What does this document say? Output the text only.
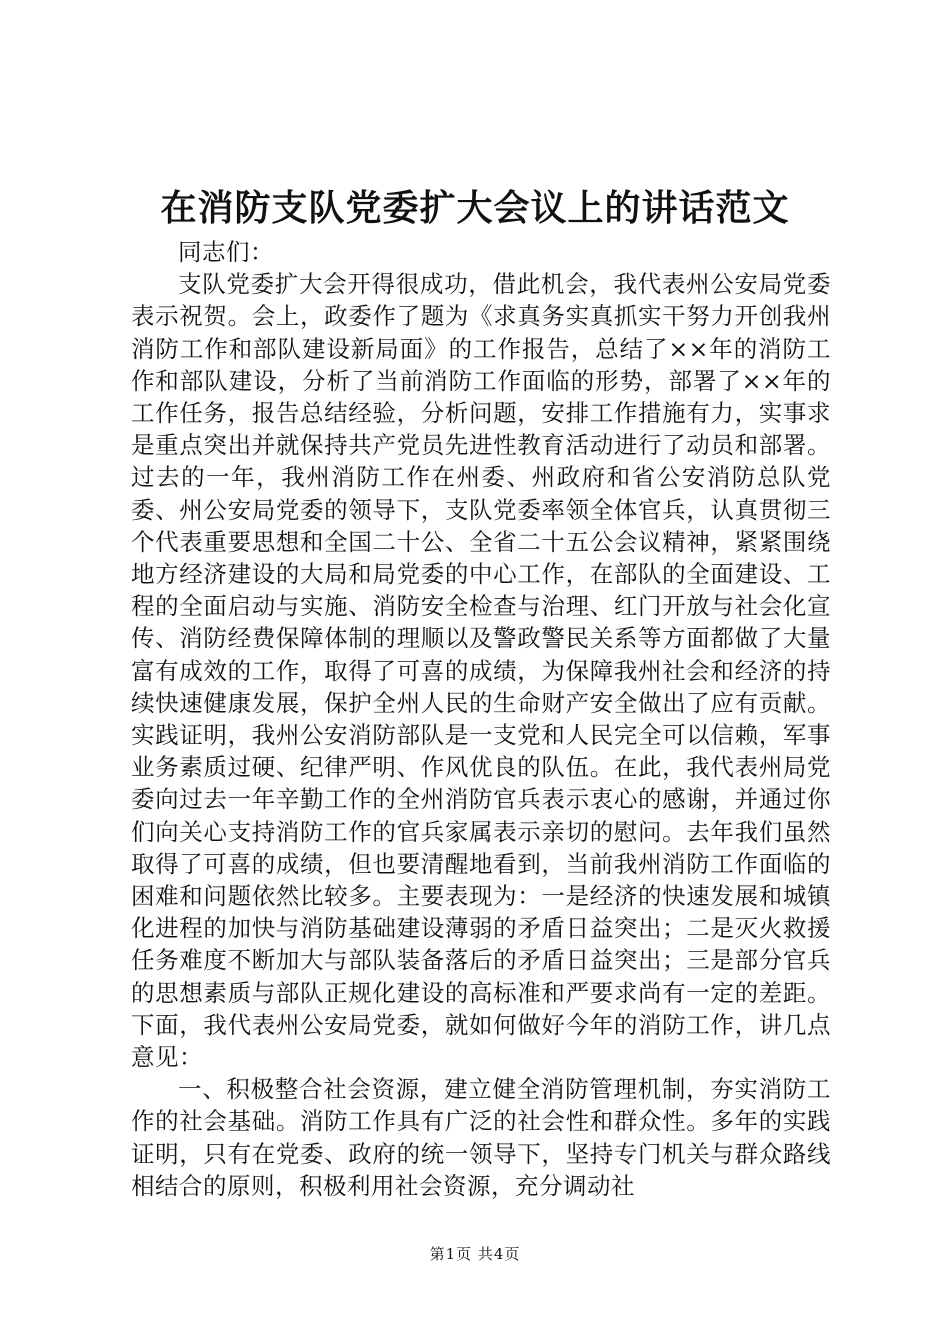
在消防支队党委扩大会议上的讲话范文

同志们：

支队党委扩大会开得很成功，借此机会，我代表州公安局党委表示祝贺。会上，政委作了题为《求真务实真抓实干努力开创我州消防工作和部队建设新局面》的工作报告，总结了××年的消防工作和部队建设，分析了当前消防工作面临的形势，部署了××年的工作任务，报告总结经验，分析问题，安排工作措施有力，实事求是重点突出并就保持共产党员先进性教育活动进行了动员和部署。过去的一年，我州消防工作在州委、州政府和省公安消防总队党委、州公安局党委的领导下，支队党委率领全体官兵，认真贯彻三个代表重要思想和全国二十公、全省二十五公会议精神，紧紧围绕地方经济建设的大局和局党委的中心工作，在部队的全面建设、工程的全面启动与实施、消防安全检查与治理、红门开放与社会化宣传、消防经费保障体制的理顺以及警政警民关系等方面都做了大量富有成效的工作，取得了可喜的成绩，为保障我州社会和经济的持续快速健康发展，保护全州人民的生命财产安全做出了应有贡献。实践证明，我州公安消防部队是一支党和人民完全可以信赖，军事业务素质过硬、纪律严明、作风优良的队伍。在此，我代表州局党委向过去一年辛勤工作的全州消防官兵表示衷心的感谢，并通过你们向关心支持消防工作的官兵家属表示亲切的慰问。去年我们虽然取得了可喜的成绩，但也要清醒地看到，当前我州消防工作面临的困难和问题依然比较多。主要表现为：一是经济的快速发展和城镇化进程的加快与消防基础建设薄弱的矛盾日益突出；二是灭火救援任务难度不断加大与部队装备落后的矛盾日益突出；三是部分官兵的思想素质与部队正规化建设的高标准和严要求尚有一定的差距。下面，我代表州公安局党委，就如何做好今年的消防工作，讲几点意见：

一、积极整合社会资源，建立健全消防管理机制，夯实消防工作的社会基础。消防工作具有广泛的社会性和群众性。多年的实践证明，只有在党委、政府的统一领导下，坚持专门机关与群众路线相结合的原则，积极利用社会资源，充分调动社

第1页 共4页
